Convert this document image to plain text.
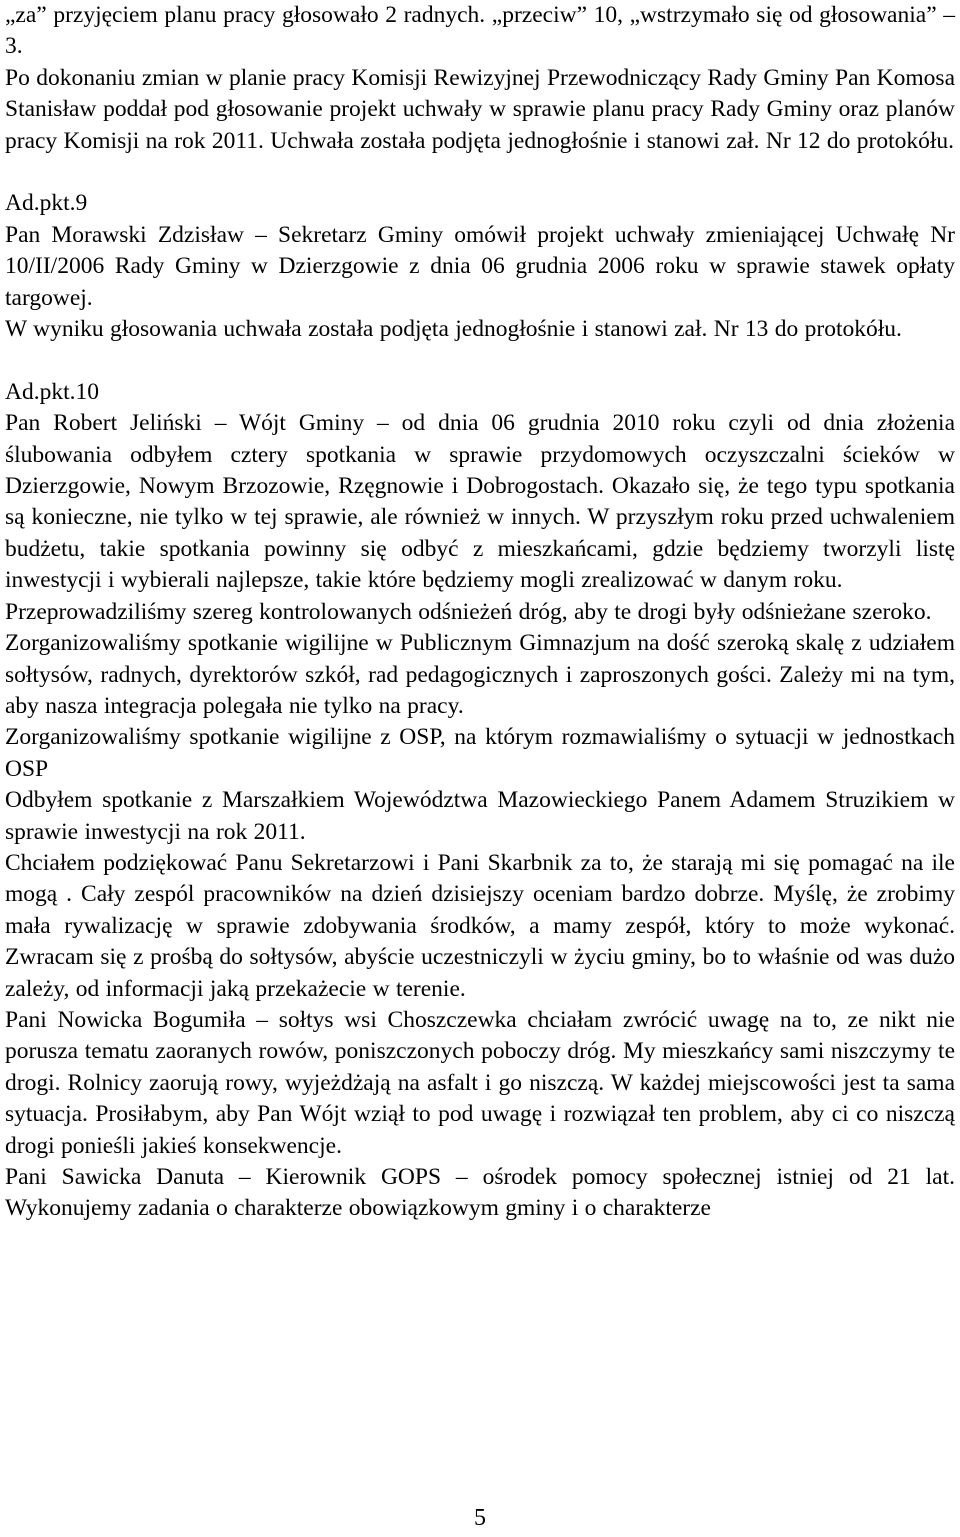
„za” przyjęciem planu pracy głosowało 2 radnych. „przeciw” 10, „wstrzymało się od głosowania” – 3.

Po dokonaniu zmian w planie pracy Komisji Rewizyjnej Przewodniczący Rady Gminy Pan Komosa Stanisław poddał pod głosowanie projekt uchwały w sprawie planu pracy Rady Gminy oraz planów pracy Komisji na rok 2011. Uchwała została podjęta jednogłośnie i stanowi zał. Nr 12 do protokółu.

Ad.pkt.9

Pan Morawski Zdzisław – Sekretarz Gminy omówił projekt uchwały zmieniającej Uchwałę Nr 10/II/2006 Rady Gminy w Dzierzgowie z dnia 06 grudnia 2006 roku w sprawie stawek opłaty targowej.

W wyniku głosowania uchwała została podjęta jednogłośnie i stanowi zał. Nr 13 do protokółu.

Ad.pkt.10

Pan Robert Jeliński – Wójt Gminy – od dnia 06 grudnia 2010 roku czyli od dnia złożenia ślubowania odbyłem cztery spotkania w sprawie przydomowych oczyszczalni ścieków w Dzierzgowie, Nowym Brzozowie, Rzęgnowie i Dobrogostach. Okazało się, że tego typu spotkania są konieczne, nie tylko w tej sprawie, ale również w innych. W przyszłym roku przed uchwaleniem budżetu, takie spotkania powinny się odbyć z mieszkańcami, gdzie będziemy tworzyli listę inwestycji i wybierali najlepsze, takie które będziemy mogli zrealizować w danym roku.

Przeprowadziliśmy szereg kontrolowanych odśnieżeń dróg, aby te drogi były odśnieżane szeroko.

Zorganizowaliśmy spotkanie wigilijne w Publicznym Gimnazjum na dość szeroką skalę z udziałem sołtysów, radnych, dyrektorów szkół, rad pedagogicznych i zaproszonych gości. Zależy mi na tym, aby nasza integracja polegała nie tylko na pracy.

Zorganizowaliśmy spotkanie wigilijne z OSP, na którym rozmawialiśmy o sytuacji w jednostkach OSP

Odbyłem spotkanie z Marszałkiem Województwa Mazowieckiego Panem Adamem Struzikiem w sprawie inwestycji na rok 2011.

Chciałem podziękować Panu Sekretarzowi i Pani Skarbnik za to, że starają mi się pomagać na ile mogą . Cały zespól pracowników na dzień dzisiejszy oceniam bardzo dobrze. Myślę, że zrobimy mała rywalizację w sprawie zdobywania środków, a mamy zespół, który to może wykonać. Zwracam się z prośbą do sołtysów, abyście uczestniczyli w życiu gminy, bo to właśnie od was dużo zależy, od informacji jaką przekażecie w terenie.

Pani Nowicka Bogumiła – sołtys wsi Choszczewka chciałam zwrócić uwagę na to, ze nikt nie porusza tematu zaoranych rowów, poniszczonych poboczy dróg. My mieszkańcy sami niszczymy te drogi. Rolnicy zaorują rowy, wyjeżdżają na asfalt i go niszczą. W każdej miejscowości jest ta sama sytuacja. Prosiłabym, aby Pan Wójt wziął to pod uwagę i rozwiązał ten problem, aby ci co niszczą drogi ponieśli jakieś konsekwencje.

Pani Sawicka Danuta – Kierownik GOPS – ośrodek pomocy społecznej istniej od 21 lat. Wykonujemy zadania o charakterze obowiązkowym gminy i o charakterze

5
